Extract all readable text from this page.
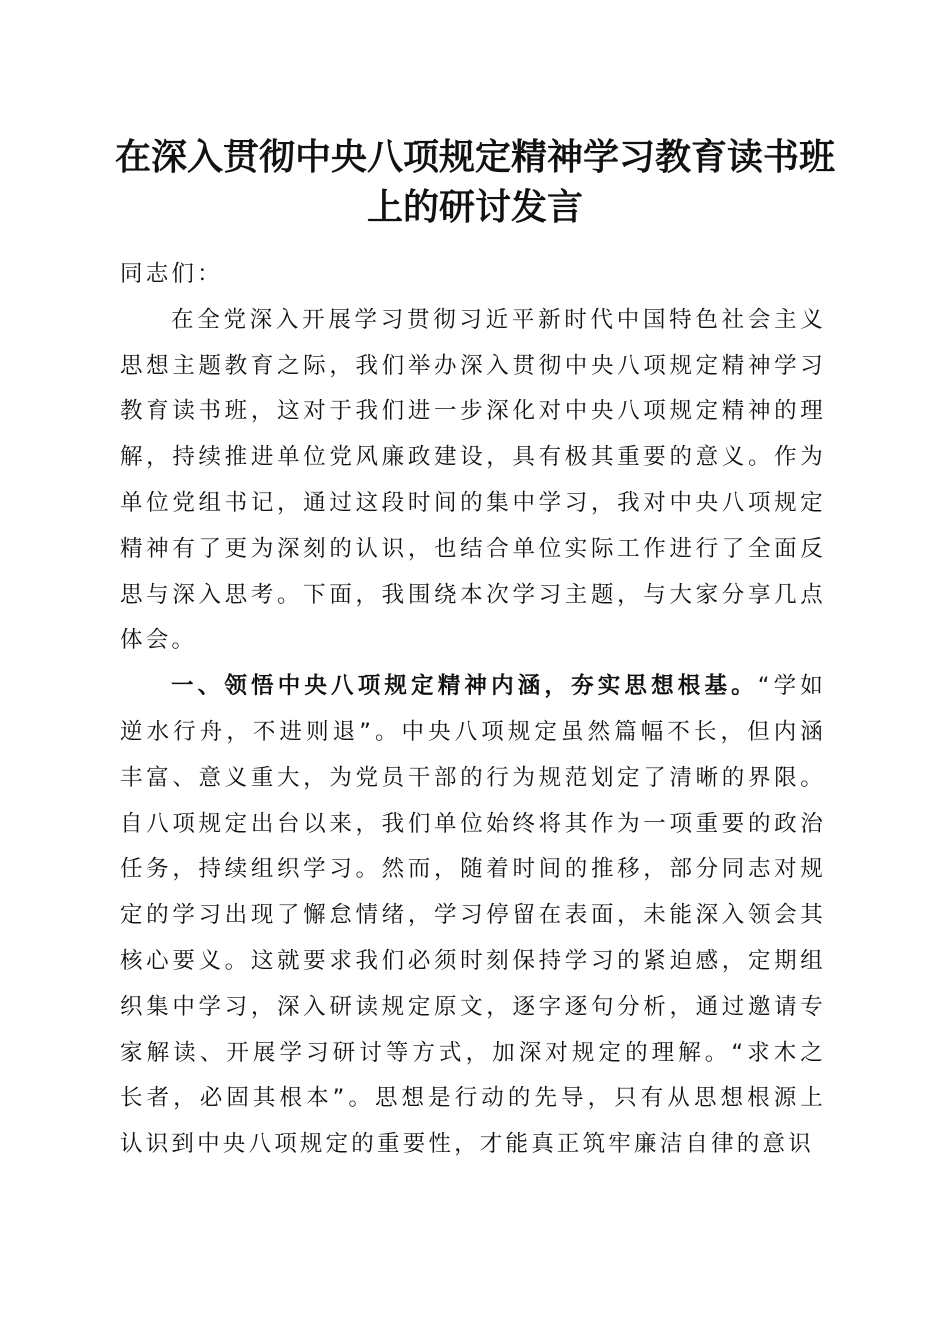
在深入贯彻中央八项规定精神学习教育读书班
上的研讨发言

同志们：

在全党深入开展学习贯彻习近平新时代中国特色社会主义思想主题教育之际，我们举办深入贯彻中央八项规定精神学习教育读书班，这对于我们进一步深化对中央八项规定精神的理解，持续推进单位党风廉政建设，具有极其重要的意义。作为单位党组书记，通过这段时间的集中学习，我对中央八项规定精神有了更为深刻的认识，也结合单位实际工作进行了全面反思与深入思考。下面，我围绕本次学习主题，与大家分享几点体会。

一、领悟中央八项规定精神内涵，夯实思想根基。“学如逆水行舟，不进则退”。中央八项规定虽然篇幅不长，但内涵丰富、意义重大，为党员干部的行为规范划定了清晰的界限。自八项规定出台以来，我们单位始终将其作为一项重要的政治任务，持续组织学习。然而，随着时间的推移，部分同志对规定的学习出现了懈怠情绪，学习停留在表面，未能深入领会其核心要义。这就要求我们必须时刻保持学习的紧迫感，定期组织集中学习，深入研读规定原文，逐字逐句分析，通过邀请专家解读、开展学习研讨等方式，加深对规定的理解。“求木之长者，必固其根本”。思想是行动的先导，只有从思想根源上认识到中央八项规定的重要性，才能真正筑牢廉洁自律的意识
